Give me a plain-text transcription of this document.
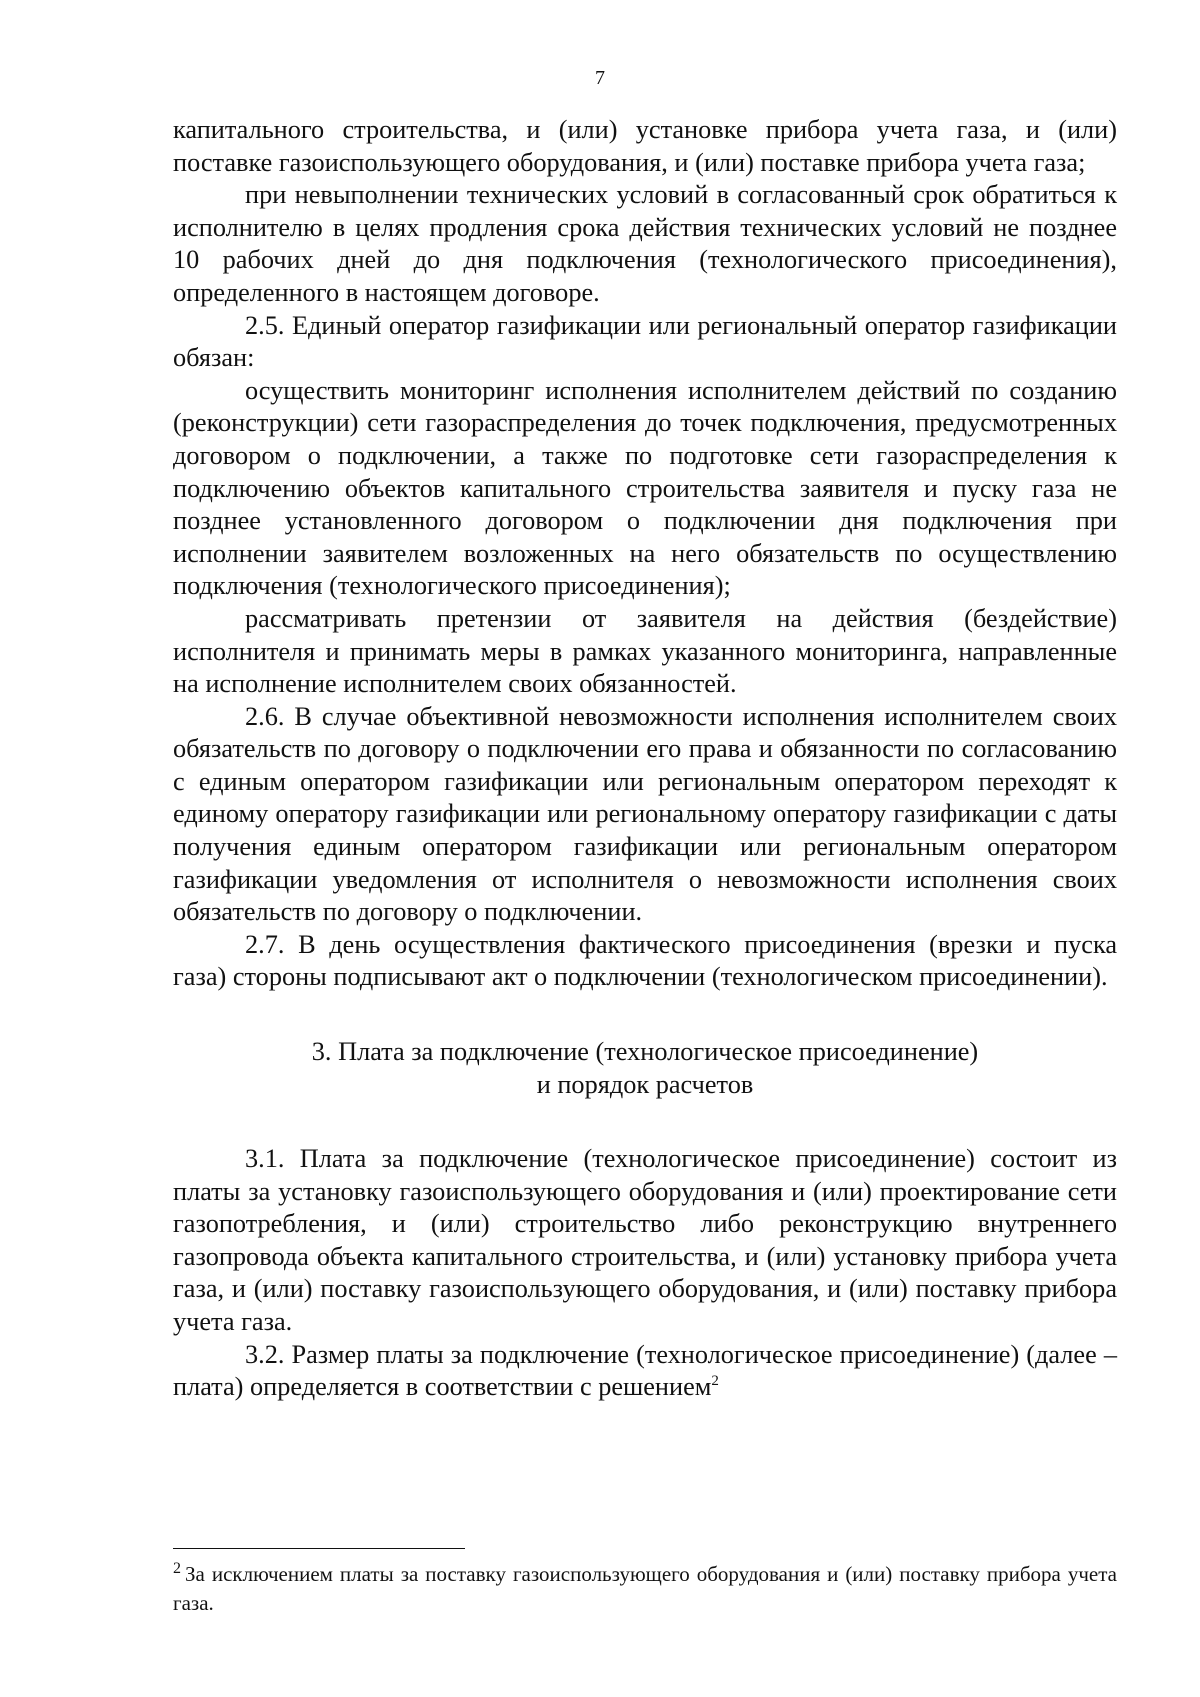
7

капитального строительства, и (или) установке прибора учета газа, и (или) поставке газоиспользующего оборудования, и (или) поставке прибора учета газа;

при невыполнении технических условий в согласованный срок обратиться к исполнителю в целях продления срока действия технических условий не позднее 10 рабочих дней до дня подключения (технологического присоединения), определенного в настоящем договоре.

2.5. Единый оператор газификации или региональный оператор газификации обязан:

осуществить мониторинг исполнения исполнителем действий по созданию (реконструкции) сети газораспределения до точек подключения, предусмотренных договором о подключении, а также по подготовке сети газораспределения к подключению объектов капитального строительства заявителя и пуску газа не позднее установленного договором о подключении дня подключения при исполнении заявителем возложенных на него обязательств по осуществлению подключения (технологического присоединения);

рассматривать претензии от заявителя на действия (бездействие) исполнителя и принимать меры в рамках указанного мониторинга, направленные на исполнение исполнителем своих обязанностей.

2.6. В случае объективной невозможности исполнения исполнителем своих обязательств по договору о подключении его права и обязанности по согласованию с единым оператором газификации или региональным оператором переходят к единому оператору газификации или региональному оператору газификации с даты получения единым оператором газификации или региональным оператором газификации уведомления от исполнителя о невозможности исполнения своих обязательств по договору о подключении.

2.7. В день осуществления фактического присоединения (врезки и пуска газа) стороны подписывают акт о подключении (технологическом присоединении).

3. Плата за подключение (технологическое присоединение)
и порядок расчетов

3.1. Плата за подключение (технологическое присоединение) состоит из платы за установку газоиспользующего оборудования и (или) проектирование сети газопотребления, и (или) строительство либо реконструкцию внутреннего газопровода объекта капитального строительства, и (или) установку прибора учета газа, и (или) поставку газоиспользующего оборудования, и (или) поставку прибора учета газа.

3.2. Размер платы за подключение (технологическое присоединение) (далее – плата) определяется в соответствии с решением$^2$

$^2$ За исключением платы за поставку газоиспользующего оборудования и (или) поставку прибора учета газа.
